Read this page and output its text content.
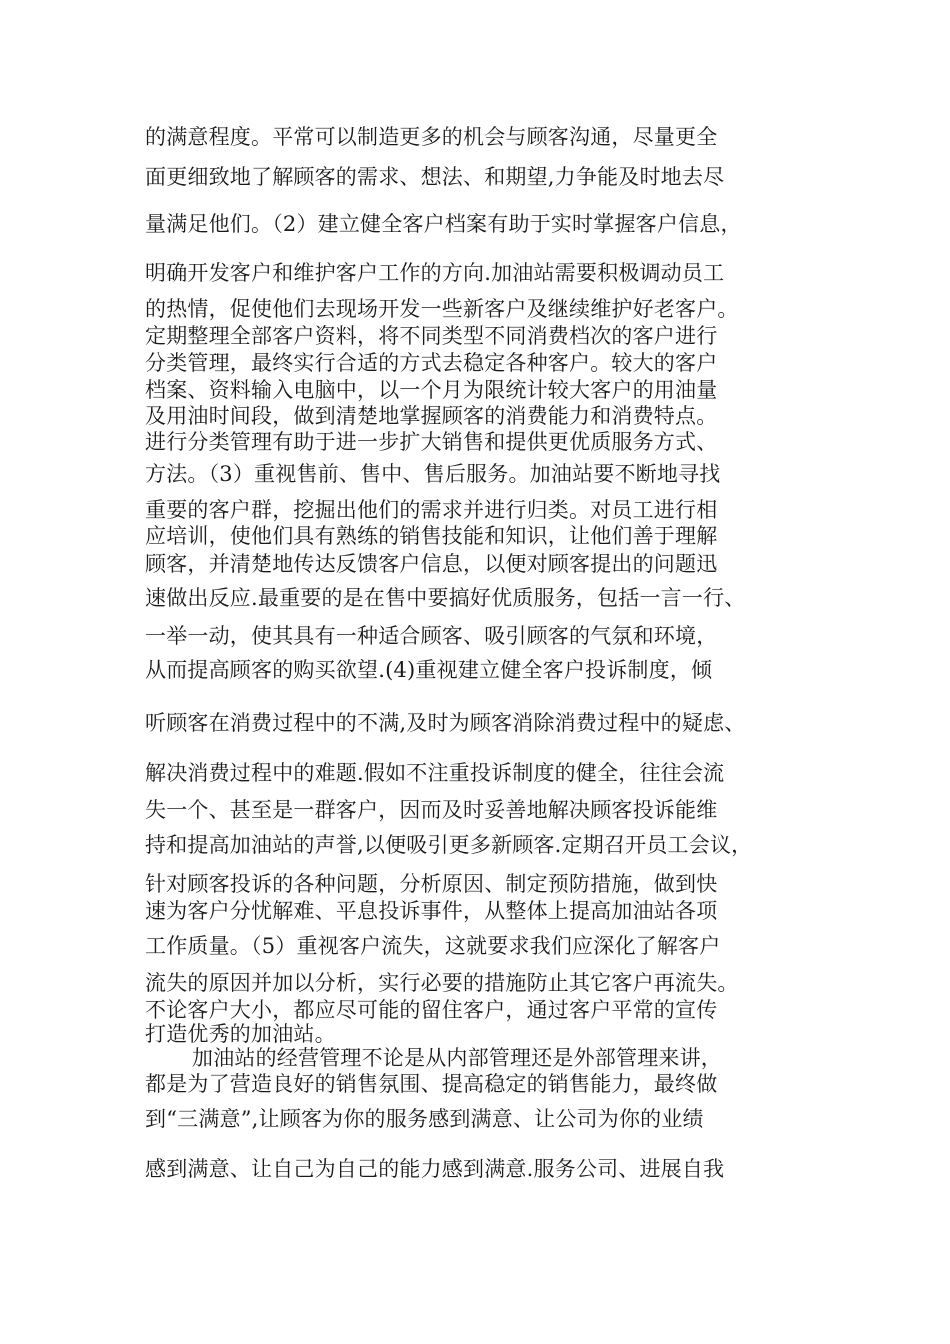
的满意程度。平常可以制造更多的机会与顾客沟通，尽量更全
面更细致地了解顾客的需求、想法、和期望,力争能及时地去尽
量满足他们。（2）建立健全客户档案有助于实时掌握客户信息，
明确开发客户和维护客户工作的方向.加油站需要积极调动员工
的热情，促使他们去现场开发一些新客户及继续维护好老客户。
定期整理全部客户资料，将不同类型不同消费档次的客户进行
分类管理，最终实行合适的方式去稳定各种客户。较大的客户
档案、资料输入电脑中，以一个月为限统计较大客户的用油量
及用油时间段，做到清楚地掌握顾客的消费能力和消费特点。
进行分类管理有助于进一步扩大销售和提供更优质服务方式、
方法。（3）重视售前、售中、售后服务。加油站要不断地寻找
重要的客户群，挖掘出他们的需求并进行归类。对员工进行相
应培训，使他们具有熟练的销售技能和知识，让他们善于理解
顾客，并清楚地传达反馈客户信息，以便对顾客提出的问题迅
速做出反应.最重要的是在售中要搞好优质服务，包括一言一行、
一举一动，使其具有一种适合顾客、吸引顾客的气氛和环境，
从而提高顾客的购买欲望.(4)重视建立健全客户投诉制度，倾
听顾客在消费过程中的不满,及时为顾客消除消费过程中的疑虑、
解决消费过程中的难题.假如不注重投诉制度的健全，往往会流
失一个、甚至是一群客户，因而及时妥善地解决顾客投诉能维
持和提高加油站的声誉,以便吸引更多新顾客.定期召开员工会议，
针对顾客投诉的各种问题，分析原因、制定预防措施，做到快
速为客户分忧解难、平息投诉事件，从整体上提高加油站各项
工作质量。（5）重视客户流失，这就要求我们应深化了解客户
流失的原因并加以分析，实行必要的措施防止其它客户再流失。
不论客户大小，都应尽可能的留住客户，通过客户平常的宣传
打造优秀的加油站。
加油站的经营管理不论是从内部管理还是外部管理来讲，
都是为了营造良好的销售氛围、提高稳定的销售能力，最终做
到“三满意”,让顾客为你的服务感到满意、让公司为你的业绩
感到满意、让自己为自己的能力感到满意.服务公司、进展自我
